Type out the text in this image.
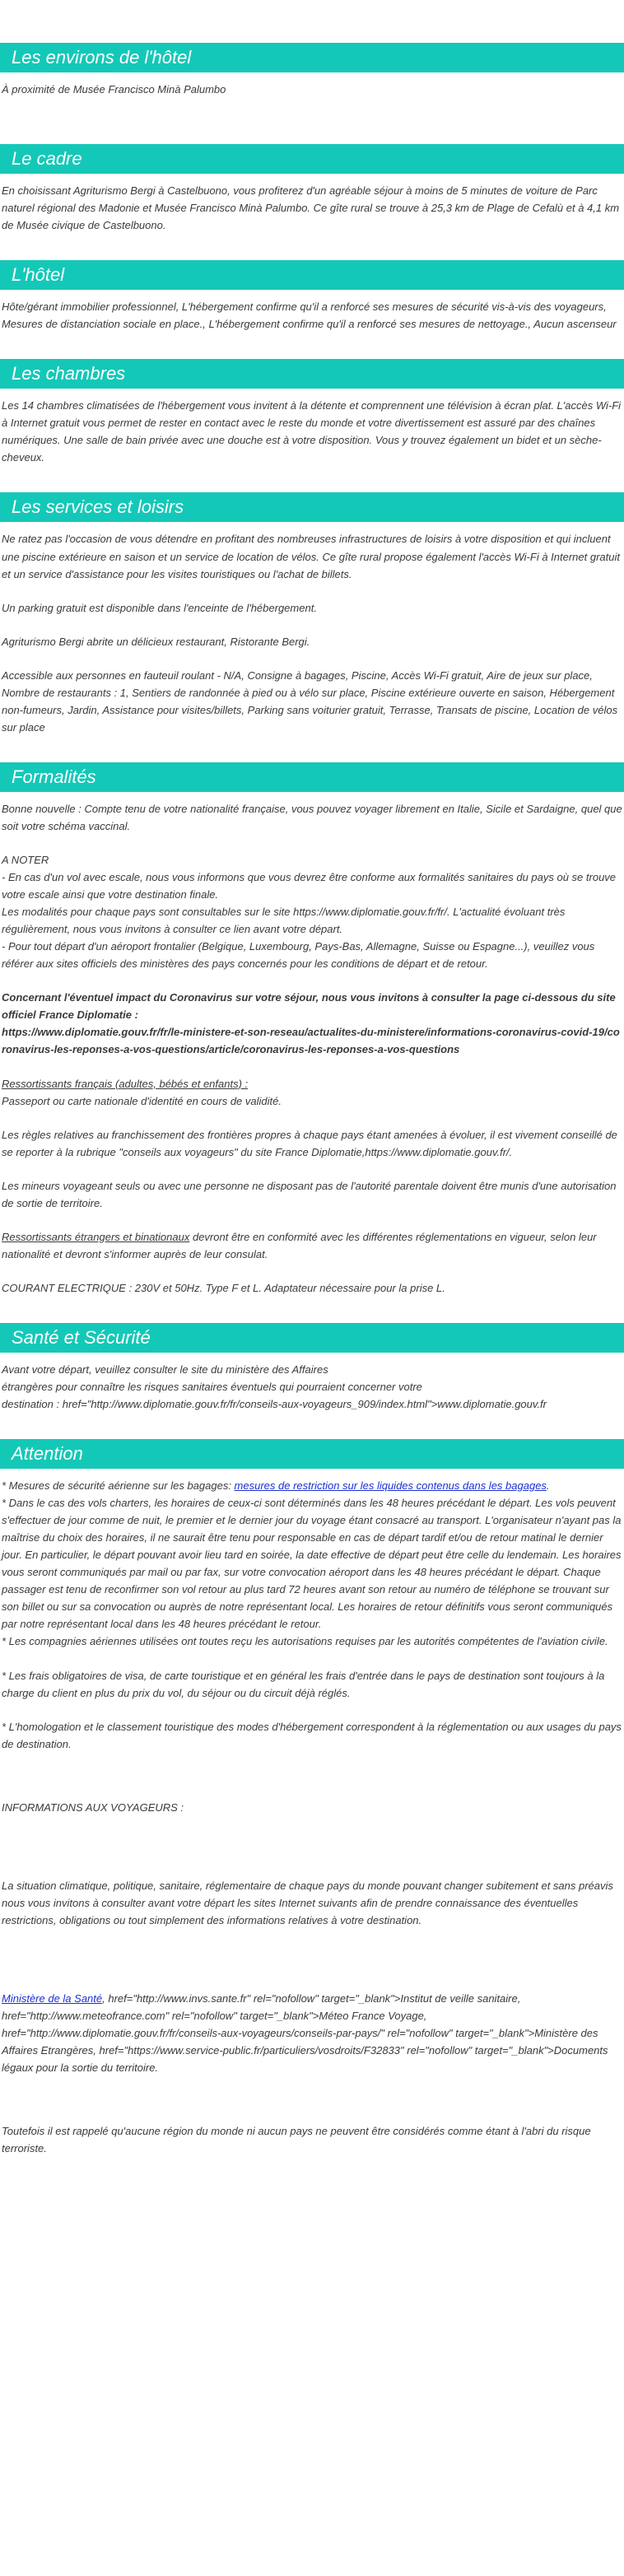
Les environs de l'hôtel

À proximité de Musée Francisco Minà Palumbo

Le cadre

En choisissant Agriturismo Bergi à Castelbuono, vous profiterez d'un agréable séjour à moins de 5 minutes de voiture de Parc naturel régional des Madonie et Musée Francisco Minà Palumbo. Ce gîte rural se trouve à 25,3 km de Plage de Cefalù et à 4,1 km de Musée civique de Castelbuono.

L'hôtel

Hôte/gérant immobilier professionnel, L'hébergement confirme qu'il a renforcé ses mesures de sécurité vis-à-vis des voyageurs, Mesures de distanciation sociale en place., L'hébergement confirme qu'il a renforcé ses mesures de nettoyage., Aucun ascenseur

Les chambres

Les 14 chambres climatisées de l'hébergement vous invitent à la détente et comprennent une télévision à écran plat. L'accès Wi-Fi à Internet gratuit vous permet de rester en contact avec le reste du monde et votre divertissement est assuré par des chaînes numériques. Une salle de bain privée avec une douche est à votre disposition. Vous y trouvez également un bidet et un sèche-cheveux.

Les services et loisirs

Ne ratez pas l'occasion de vous détendre en profitant des nombreuses infrastructures de loisirs à votre disposition et qui incluent une piscine extérieure en saison et un service de location de vélos. Ce gîte rural propose également l'accès Wi-Fi à Internet gratuit et un service d'assistance pour les visites touristiques ou l'achat de billets.

Un parking gratuit est disponible dans l'enceinte de l'hébergement.

Agriturismo Bergi abrite un délicieux restaurant, Ristorante Bergi.

Accessible aux personnes en fauteuil roulant - N/A, Consigne à bagages, Piscine, Accès Wi-Fi gratuit, Aire de jeux sur place, Nombre de restaurants : 1, Sentiers de randonnée à pied ou à vélo sur place, Piscine extérieure ouverte en saison, Hébergement non-fumeurs, Jardin, Assistance pour visites/billets, Parking sans voiturier gratuit, Terrasse, Transats de piscine, Location de vélos sur place

Formalités

Bonne nouvelle : Compte tenu de votre nationalité française, vous pouvez voyager librement en Italie, Sicile et Sardaigne, quel que soit votre schéma vaccinal.

A NOTER

- En cas d'un vol avec escale, nous vous informons que vous devrez être conforme aux formalités sanitaires du pays où se trouve votre escale ainsi que votre destination finale.

Les modalités pour chaque pays sont consultables sur le site https://www.diplomatie.gouv.fr/fr/. L'actualité évoluant très régulièrement, nous vous invitons à consulter ce lien avant votre départ.

- Pour tout départ d'un aéroport frontalier (Belgique, Luxembourg, Pays-Bas, Allemagne, Suisse ou Espagne...), veuillez vous référer aux sites officiels des ministères des pays concernés pour les conditions de départ et de retour.

Concernant l'éventuel impact du Coronavirus sur votre séjour, nous vous invitons à consulter la page ci-dessous du site officiel France Diplomatie :

https://www.diplomatie.gouv.fr/fr/le-ministere-et-son-reseau/actualites-du-ministere/informations-coronavirus-covid-19/coronavirus-les-reponses-a-vos-questions/article/coronavirus-les-reponses-a-vos-questions

Ressortissants français (adultes, bébés et enfants) :

Passeport ou carte nationale d'identité en cours de validité.

Les règles relatives au franchissement des frontières propres à chaque pays étant amenées à évoluer, il est vivement conseillé de se reporter à la rubrique "conseils aux voyageurs" du site France Diplomatie,https://www.diplomatie.gouv.fr/.

Les mineurs voyageant seuls ou avec une personne ne disposant pas de l'autorité parentale doivent être munis d'une autorisation de sortie de territoire.

Ressortissants étrangers et binationaux devront être en conformité avec les différentes réglementations en vigueur, selon leur nationalité et devront s'informer auprès de leur consulat.

COURANT ELECTRIQUE : 230V et 50Hz. Type F et L. Adaptateur nécessaire pour la prise L.

Santé et Sécurité

Avant votre départ, veuillez consulter le site du ministère des Affaires

étrangères pour connaître les risques sanitaires éventuels qui pourraient concerner votre

destination : href="http://www.diplomatie.gouv.fr/fr/conseils-aux-voyageurs_909/index.html">www.diplomatie.gouv.fr

Attention

* Mesures de sécurité aérienne sur les bagages: mesures de restriction sur les liquides contenus dans les bagages.

* Dans le cas des vols charters, les horaires de ceux-ci sont déterminés dans les 48 heures précédant le départ. Les vols peuvent s'effectuer de jour comme de nuit, le premier et le dernier jour du voyage étant consacré au transport. L'organisateur n'ayant pas la maîtrise du choix des horaires, il ne saurait être tenu pour responsable en cas de départ tardif et/ou de retour matinal le dernier jour. En particulier, le départ pouvant avoir lieu tard en soirée, la date effective de départ peut être celle du lendemain. Les horaires vous seront communiqués par mail ou par fax, sur votre convocation aéroport dans les 48 heures précédant le départ. Chaque passager est tenu de reconfirmer son vol retour au plus tard 72 heures avant son retour au numéro de téléphone se trouvant sur son billet ou sur sa convocation ou auprès de notre représentant local. Les horaires de retour définitifs vous seront communiqués par notre représentant local dans les 48 heures précédant le retour.

* Les compagnies aériennes utilisées ont toutes reçu les autorisations requises par les autorités compétentes de l'aviation civile.

* Les frais obligatoires de visa, de carte touristique et en général les frais d'entrée dans le pays de destination sont toujours à la charge du client en plus du prix du vol, du séjour ou du circuit déjà réglés.

* L'homologation et le classement touristique des modes d'hébergement correspondent à la réglementation ou aux usages du pays de destination.

INFORMATIONS AUX VOYAGEURS :

La situation climatique, politique, sanitaire, réglementaire de chaque pays du monde pouvant changer subitement et sans préavis

nous vous invitons à consulter avant votre départ les sites Internet suivants afin de prendre connaissance des éventuelles restrictions, obligations ou tout simplement des informations relatives à votre destination.

Ministère de la Santé, href="http://www.invs.sante.fr" rel="nofollow" target="_blank">Institut de veille sanitaire, href="http://www.meteofrance.com" rel="nofollow" target="_blank">Méteo France Voyage, href="http://www.diplomatie.gouv.fr/fr/conseils-aux-voyageurs/conseils-par-pays/" rel="nofollow" target="_blank">Ministère des Affaires Etrangères, href="https://www.service-public.fr/particuliers/vosdroits/F32833" rel="nofollow" target="_blank">Documents légaux pour la sortie du territoire.

Toutefois il est rappelé qu'aucune région du monde ni aucun pays ne peuvent être considérés comme étant à l'abri du risque terroriste.
